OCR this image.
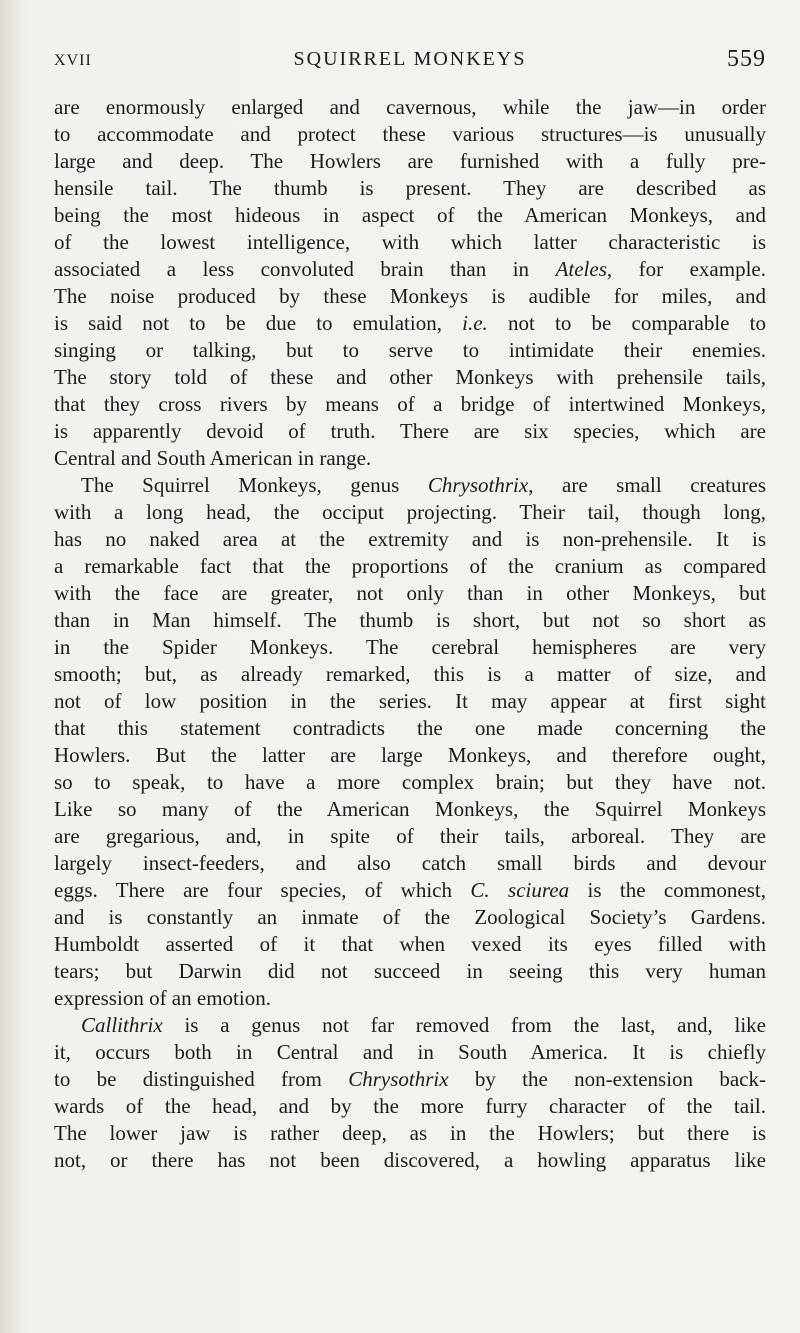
XVII	SQUIRREL MONKEYS	559
are enormously enlarged and cavernous, while the jaw—in order
to accommodate and protect these various structures—is unusually
large and deep. The Howlers are furnished with a fully pre-
hensile tail. The thumb is present. They are described as
being the most hideous in aspect of the American Monkeys, and
of the lowest intelligence, with which latter characteristic is
associated a less convoluted brain than in Ateles, for example.
The noise produced by these Monkeys is audible for miles, and
is said not to be due to emulation, i.e. not to be comparable to
singing or talking, but to serve to intimidate their enemies.
The story told of these and other Monkeys with prehensile tails,
that they cross rivers by means of a bridge of intertwined Monkeys,
is apparently devoid of truth. There are six species, which are
Central and South American in range.
The Squirrel Monkeys, genus Chrysothrix, are small creatures
with a long head, the occiput projecting. Their tail, though long,
has no naked area at the extremity and is non-prehensile. It is
a remarkable fact that the proportions of the cranium as compared
with the face are greater, not only than in other Monkeys, but
than in Man himself. The thumb is short, but not so short as
in the Spider Monkeys. The cerebral hemispheres are very
smooth; but, as already remarked, this is a matter of size, and
not of low position in the series. It may appear at first sight
that this statement contradicts the one made concerning the
Howlers. But the latter are large Monkeys, and therefore ought,
so to speak, to have a more complex brain; but they have not.
Like so many of the American Monkeys, the Squirrel Monkeys
are gregarious, and, in spite of their tails, arboreal. They are
largely insect-feeders, and also catch small birds and devour
eggs. There are four species, of which C. sciurea is the commonest,
and is constantly an inmate of the Zoological Society’s Gardens.
Humboldt asserted of it that when vexed its eyes filled with
tears; but Darwin did not succeed in seeing this very human
expression of an emotion.
Callithrix is a genus not far removed from the last, and, like
it, occurs both in Central and in South America. It is chiefly
to be distinguished from Chrysothrix by the non-extension back-
wards of the head, and by the more furry character of the tail.
The lower jaw is rather deep, as in the Howlers; but there is
not, or there has not been discovered, a howling apparatus like
